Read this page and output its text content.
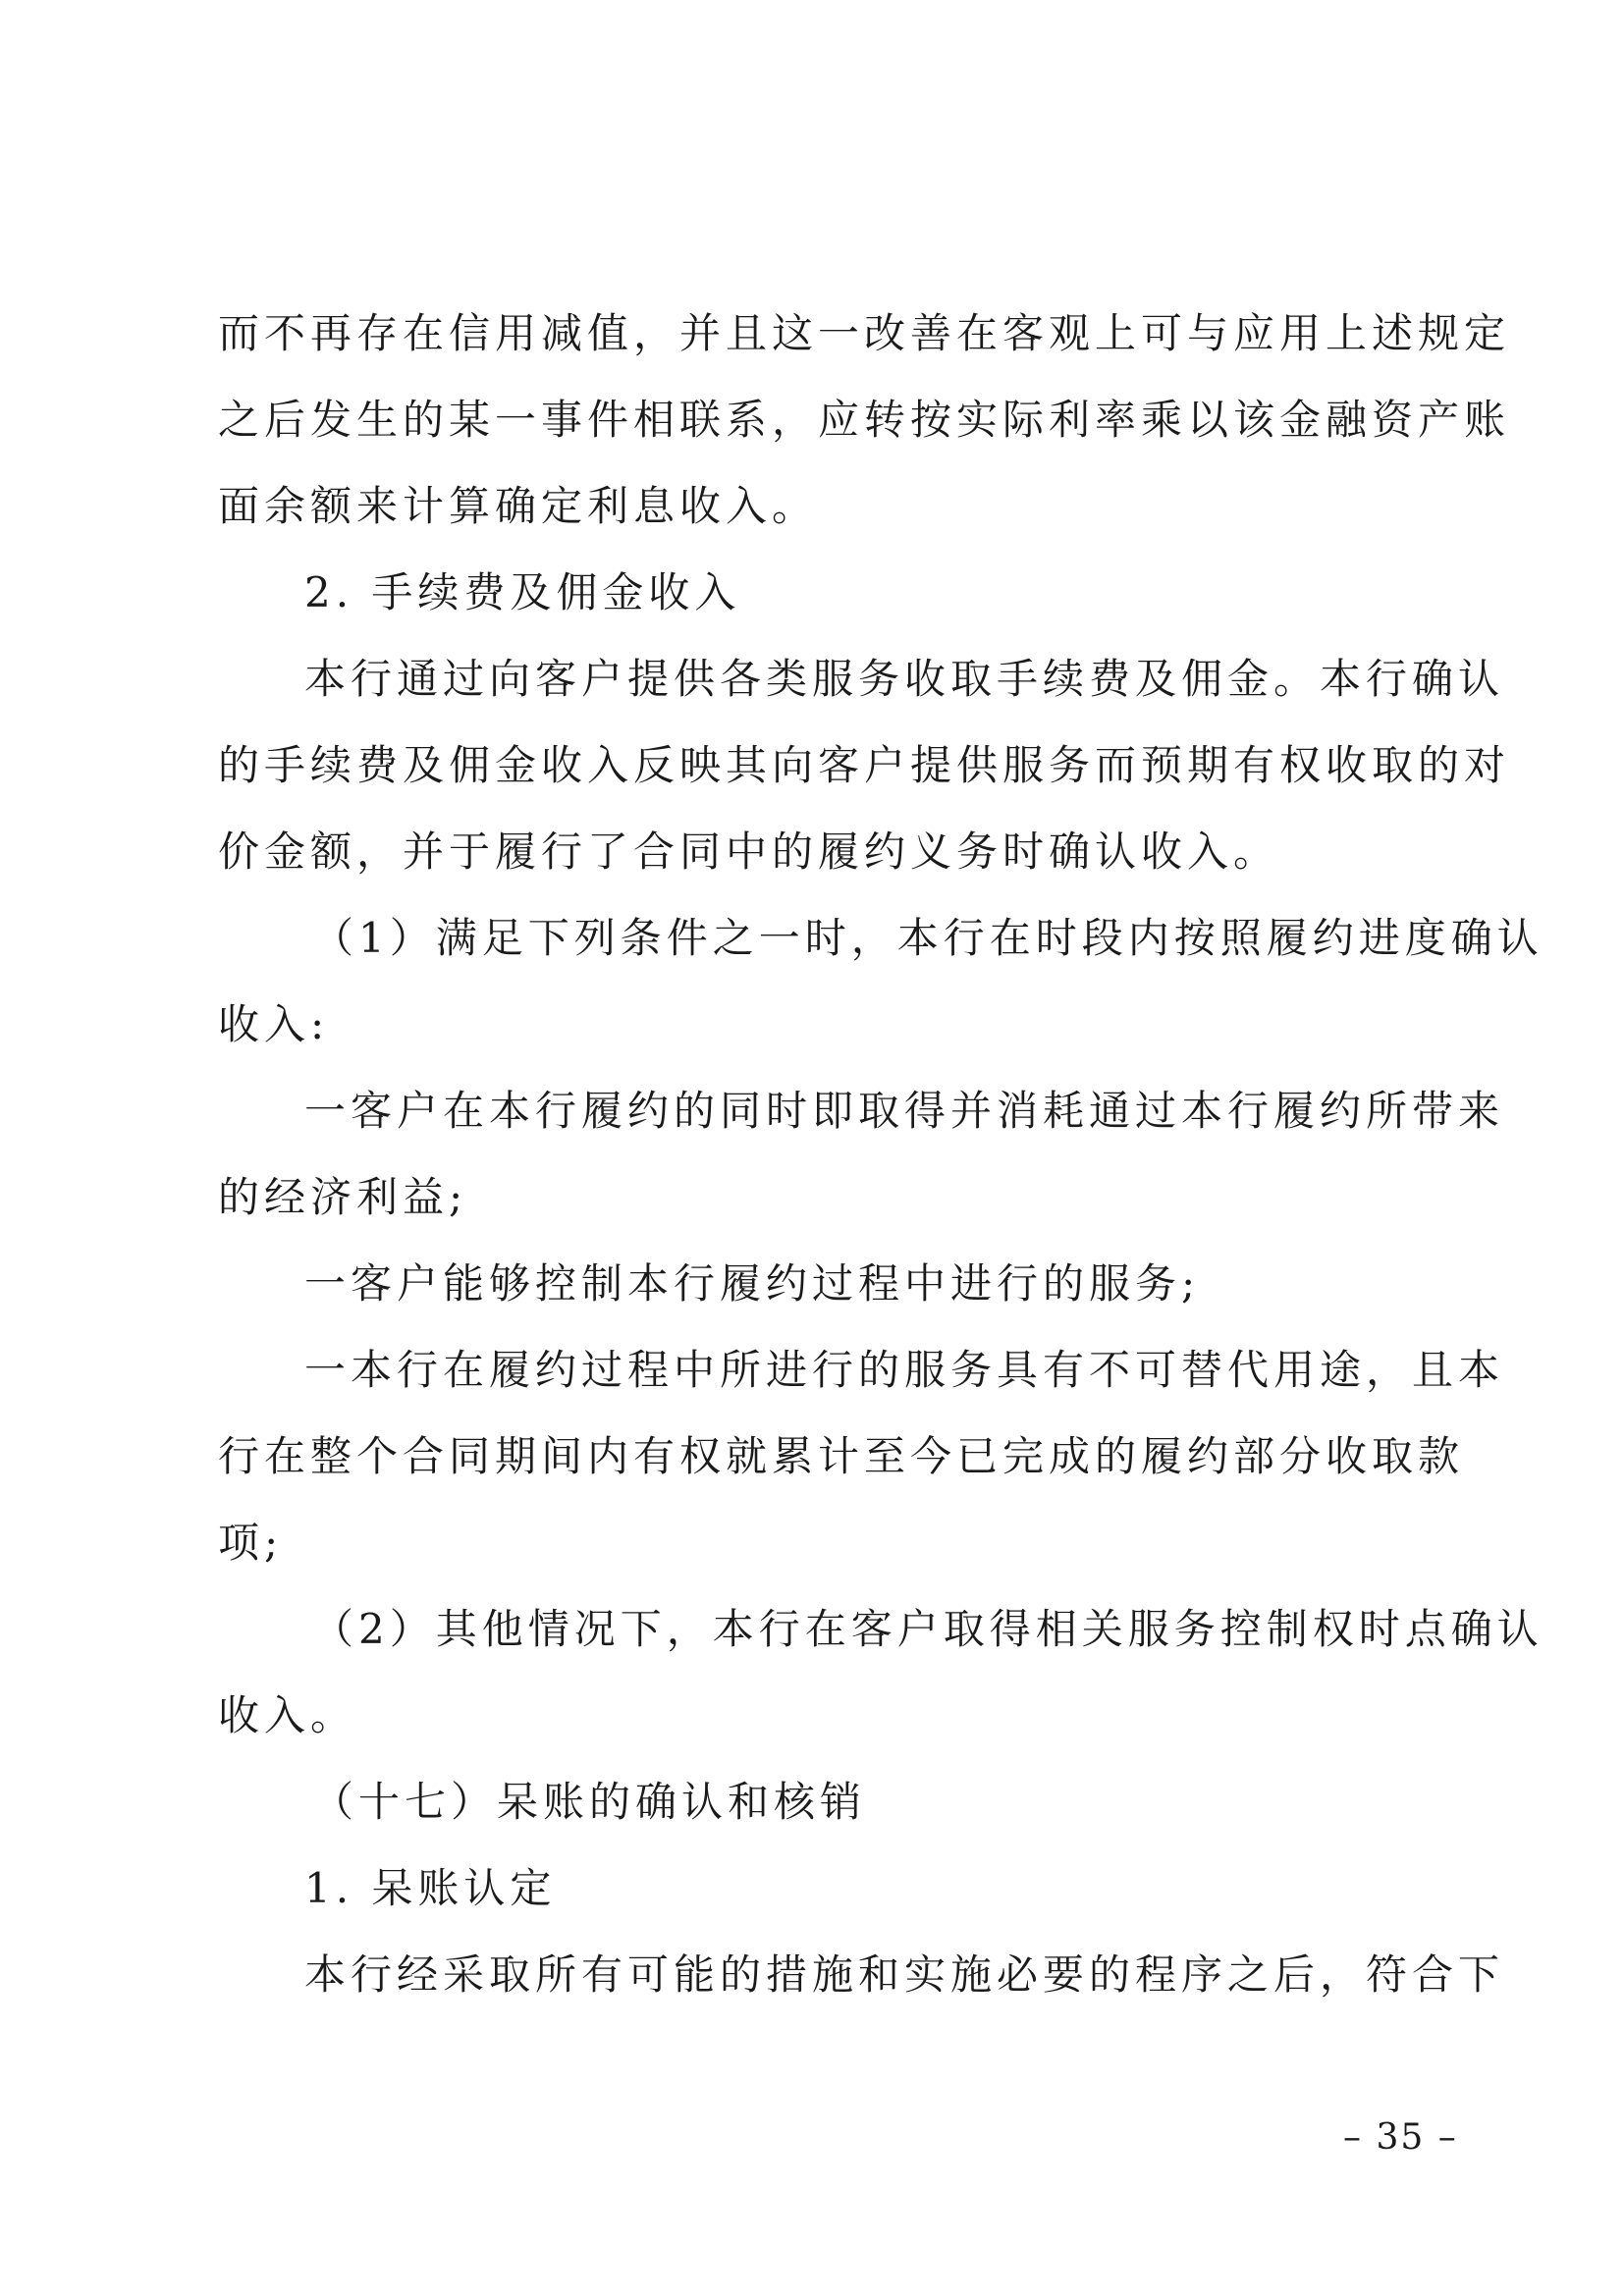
而不再存在信用减值，并且这一改善在客观上可与应用上述规定
之后发生的某一事件相联系，应转按实际利率乘以该金融资产账
面余额来计算确定利息收入。
2. 手续费及佣金收入
本行通过向客户提供各类服务收取手续费及佣金。本行确认
的手续费及佣金收入反映其向客户提供服务而预期有权收取的对
价金额，并于履行了合同中的履约义务时确认收入。
（1）满足下列条件之一时，本行在时段内按照履约进度确认
收入:
一客户在本行履约的同时即取得并消耗通过本行履约所带来
的经济利益;
一客户能够控制本行履约过程中进行的服务;
一本行在履约过程中所进行的服务具有不可替代用途，且本
行在整个合同期间内有权就累计至今已完成的履约部分收取款
项;
（2）其他情况下，本行在客户取得相关服务控制权时点确认
收入。
（十七）呆账的确认和核销
1. 呆账认定
本行经采取所有可能的措施和实施必要的程序之后，符合下
– 35 –
